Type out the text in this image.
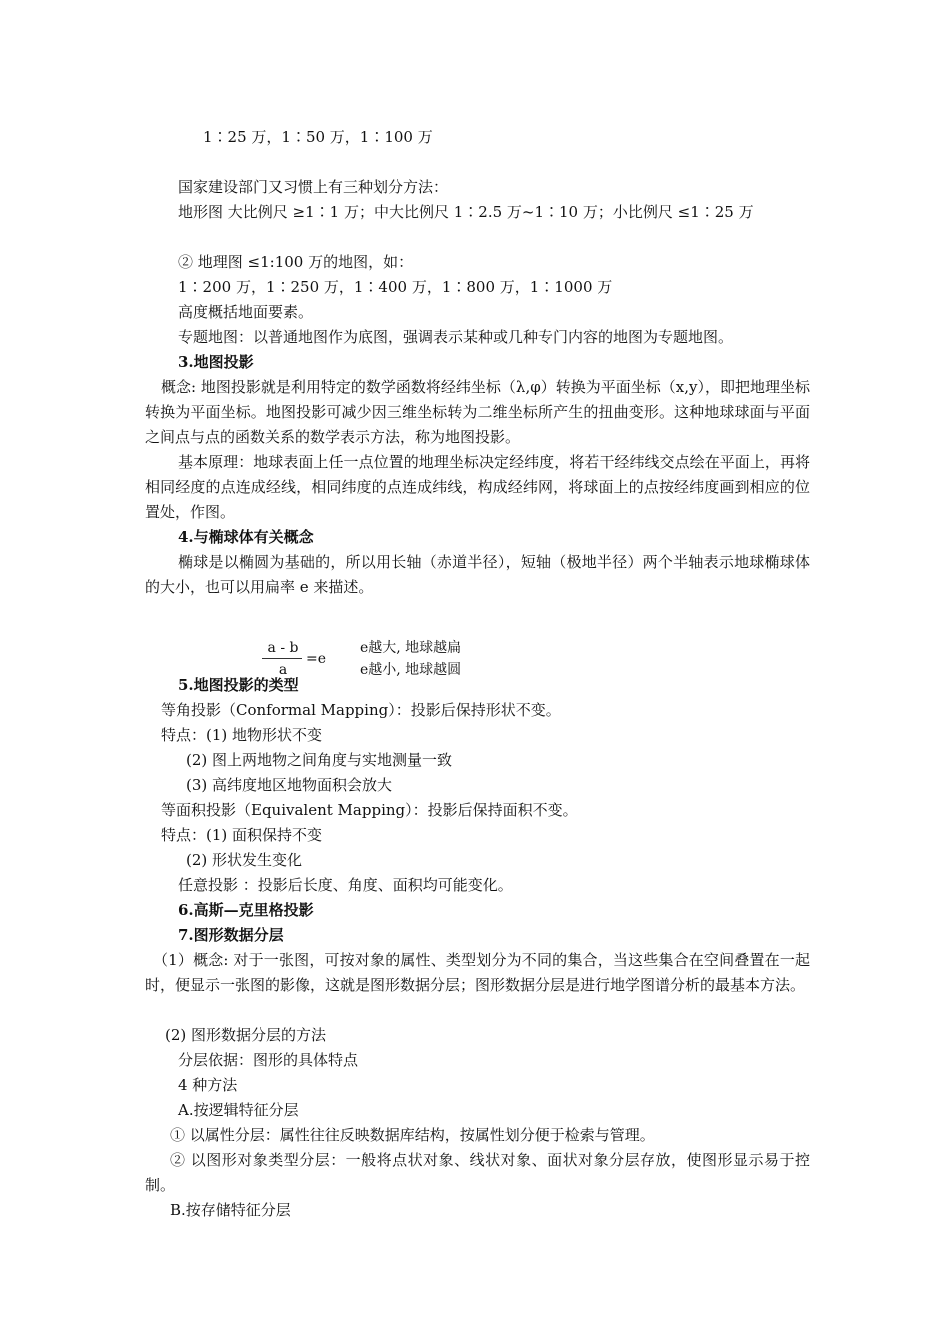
1∶25 万，1∶50 万，1∶100 万
国家建设部门又习惯上有三种划分方法：
地形图 大比例尺 ≥1∶1 万；中大比例尺 1∶2.5 万~1∶10 万；小比例尺 ≤1∶25 万
② 地理图 ≤1:100 万的地图，如：
1∶200 万，1∶250 万，1∶400 万，1∶800 万，1∶1000 万
高度概括地面要素。
专题地图：以普通地图作为底图，强调表示某种或几种专门内容的地图为专题地图。
3.地图投影
概念: 地图投影就是利用特定的数学函数将经纬坐标（λ,φ）转换为平面坐标（x,y），即把地理坐标转换为平面坐标。地图投影可减少因三维坐标转为二维坐标所产生的扭曲变形。这种地球球面与平面之间点与点的函数关系的数学表示方法，称为地图投影。
基本原理：地球表面上任一点位置的地理坐标决定经纬度，将若干经纬线交点绘在平面上，再将相同经度的点连成经线，相同纬度的点连成纬线，构成经纬网，将球面上的点按经纬度画到相应的位置处，作图。
4.与椭球体有关概念
椭球是以椭圆为基础的，所以用长轴（赤道半径），短轴（极地半径）两个半轴表示地球椭球体的大小，也可以用扁率 e 来描述。
a - b
a
=e
e越大, 地球越扁
e越小, 地球越圆
5.地图投影的类型
等角投影（Conformal Mapping）：投影后保持形状不变。
特点：(1) 地物形状不变
(2) 图上两地物之间角度与实地测量一致
(3) 高纬度地区地物面积会放大
等面积投影（Equivalent Mapping）：投影后保持面积不变。
特点：(1) 面积保持不变
(2) 形状发生变化
任意投影 ：投影后长度、角度、面积均可能变化。
6.高斯—克里格投影
7.图形数据分层
（1）概念: 对于一张图，可按对象的属性、类型划分为不同的集合，当这些集合在空间叠置在一起时，便显示一张图的影像，这就是图形数据分层；图形数据分层是进行地学图谱分析的最基本方法。
(2) 图形数据分层的方法
分层依据：图形的具体特点
4 种方法
A.按逻辑特征分层
① 以属性分层：属性往往反映数据库结构，按属性划分便于检索与管理。
② 以图形对象类型分层：一般将点状对象、线状对象、面状对象分层存放，使图形显示易于控制。
B.按存储特征分层
